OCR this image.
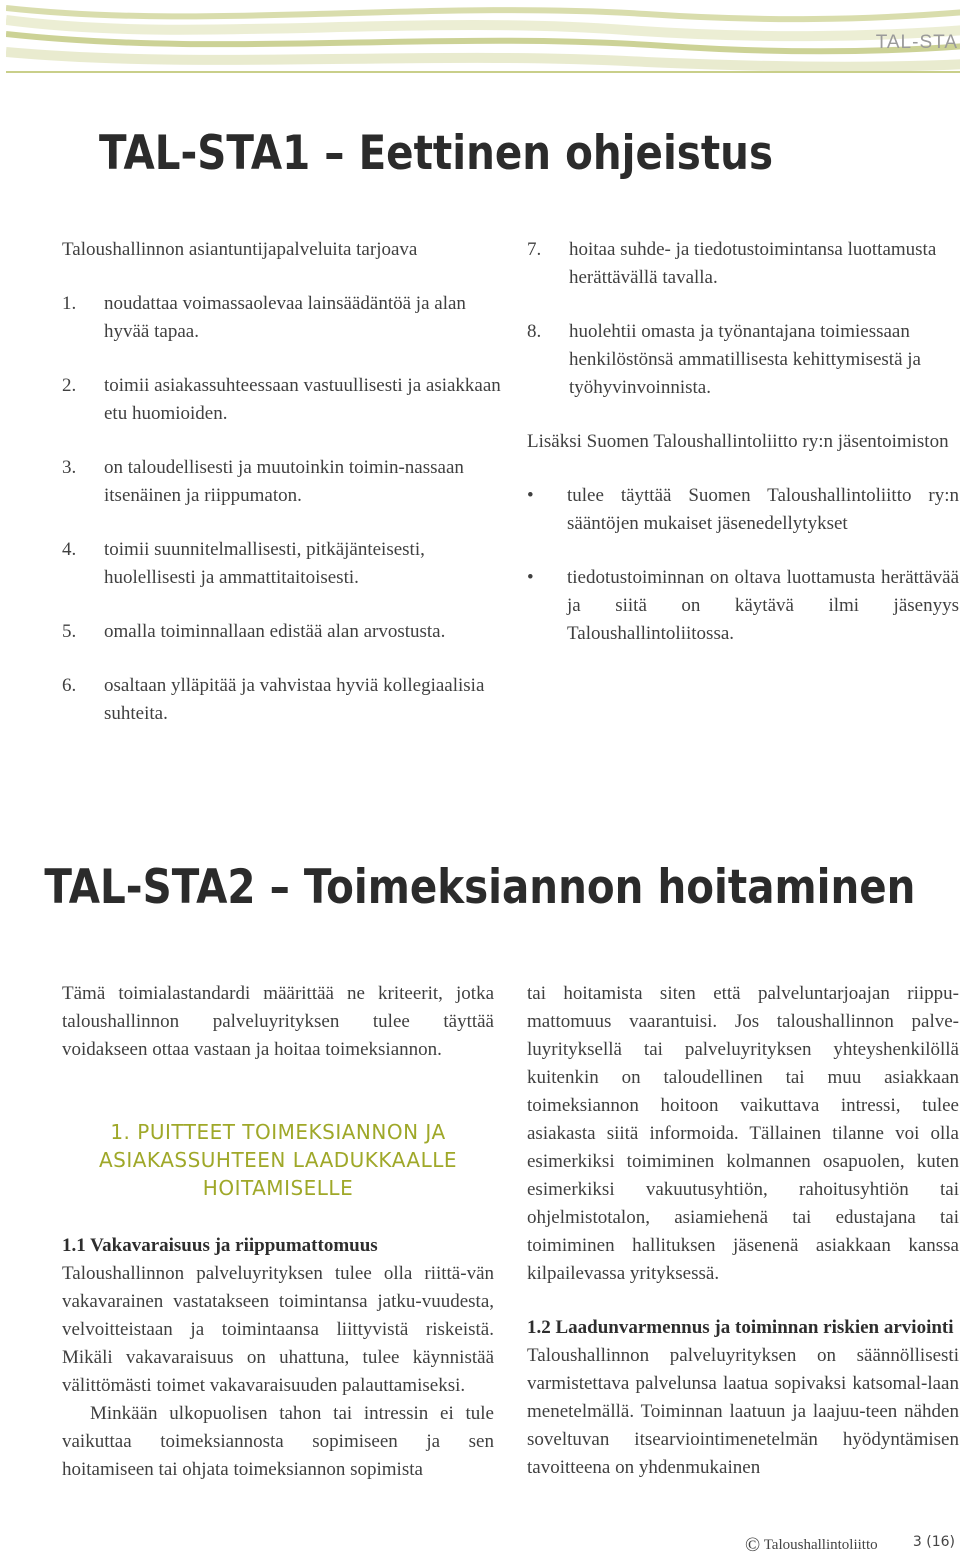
TAL-STA
TAL-STA1 – Eettinen ohjeistus

Taloushallinnon asiantuntijapalveluita tarjoava

1. noudattaa voimassaolevaa lainsäädäntöä ja alan hyvää tapaa.
2. toimii asiakassuhteessaan vastuullisesti ja asiakkaan etu huomioiden.
3. on taloudellisesti ja muutoinkin toimin-nassaan itsenäinen ja riippumaton.
4. toimii suunnitelmallisesti, pitkäjänteisesti, huolellisesti ja ammattitaitoisesti.
5. omalla toiminnallaan edistää alan arvostusta.
6. osaltaan ylläpitää ja vahvistaa hyviä kollegiaalisia suhteita.
7. hoitaa suhde- ja tiedotustoimintansa luottamusta herättävällä tavalla.
8. huolehtii omasta ja työnantajana toimiessaan henkilöstönsä ammatillisesta kehittymisestä ja työhyvinvoinnista.

Lisäksi Suomen Taloushallintoliitto ry:n jäsentoimiston

• tulee täyttää Suomen Taloushallintoliitto ry:n sääntöjen mukaiset jäsenedellytykset
• tiedotustoiminnan on oltava luottamusta herättävää ja siitä on käytävä ilmi jäsenyys Taloushallintoliitossa.
TAL-STA2 – Toimeksiannon hoitaminen

Tämä toimialastandardi määrittää ne kriteerit, jotka taloushallinnon palveluyrityksen tulee täyttää voidakseen ottaa vastaan ja hoitaa toimeksiannon.

1. PUITTEET TOIMEKSIANNON JA ASIAKASSUHTEEN LAADUKKAALLE HOITAMISELLE

1.1 Vakavaraisuus ja riippumattomuus

Taloushallinnon palveluyrityksen tulee olla riittä-vän vakavarainen vastatakseen toimintansa jatku-vuudesta, velvoitteistaan ja toimintaansa liittyvistä riskeistä. Mikäli vakavaraisuus on uhattuna, tulee käynnistää välittömästi toimet vakavaraisuuden palauttamiseksi.

Minkään ulkopuolisen tahon tai intressin ei tule vaikuttaa toimeksiannosta sopimiseen ja sen hoitamiseen tai ohjata toimeksiannon sopimista

tai hoitamista siten että palveluntarjoajan riippu-mattomuus vaarantuisi. Jos taloushallinnon palve-luyrityksellä tai palveluyrityksen yhteyshenkilöllä kuitenkin on taloudellinen tai muu asiakkaan toimeksiannon hoitoon vaikuttava intressi, tulee asiakasta siitä informoida. Tällainen tilanne voi olla esimerkiksi toimiminen kolmannen osapuolen, kuten esimerkiksi vakuutusyhtiön, rahoitusyhtiön tai ohjelmistotalon, asiamiehenä tai edustajana tai toimiminen hallituksen jäsenenä asiakkaan kanssa kilpailevassa yrityksessä.

1.2 Laadunvarmennus ja toiminnan riskien arviointi

Taloushallinnon palveluyrityksen on säännöllisesti varmistettava palvelunsa laatua sopivaksi katsomal-laan menetelmällä. Toiminnan laatuun ja laajuu-teen nähden soveltuvan itsearviointimenetelmän hyödyntämisen tavoitteena on yhdenmukainen

© Taloushallintoliitto	3 (16)
